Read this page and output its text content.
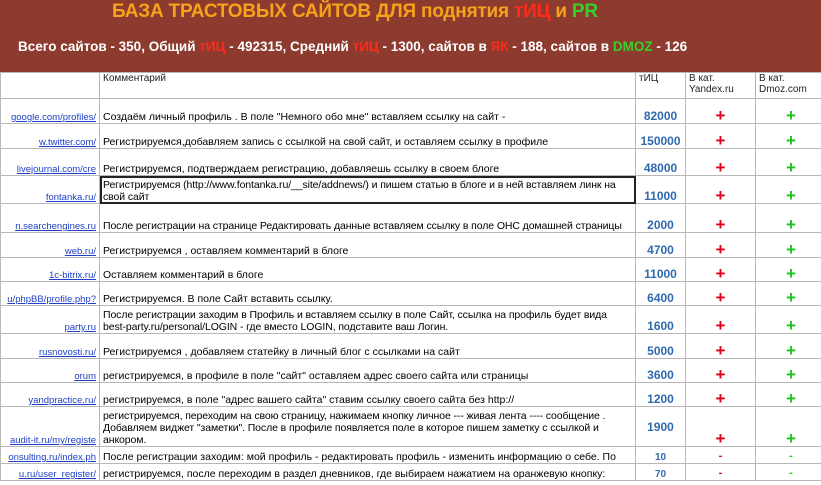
БАЗА ТРАСТОВЫХ САЙТОВ ДЛЯ поднятия тИЦ и PR
Всего сайтов - 350, Общий тИЦ - 492315, Средний тИЦ - 1300, сайтов в ЯК - 188, сайтов в DMOZ - 126
	Комментарий	тИЦ	В кат. Yandex.ru	В кат. Dmoz.com
google.com/profiles/	Создаём личный профиль . В поле "Немного обо мне" вставляем ссылку на сайт -	82000	+	+
w.twitter.com/	Регистрируемся,добавляем запись с ссылкой на свой сайт, и оставляем ссылку в профиле	150000	+	+
livejournal.com/cre	Регистрируемся, подтверждаем регистрацию, добавляешь ссылку в своем блоге	48000	+	+
fontanka.ru/	Регистрируемся (http://www.fontanka.ru/__site/addnews/) и пишем статью в блоге и в ней вставляем линк на свой сайт	11000	+	+
n.searchengines.ru	После регистрации на странице Редактировать данные вставляем ссылку в поле ОНС домашней страницы	2000	+	+
web.ru/	Регистрируемся , оставляем комментарий в блоге	4700	+	+
1c-bitrix.ru/	Оставляем комментарий в блоге	11000	+	+
u/phpBB/profile.php?	Регистрируемся. В поле Сайт вставить ссылку.	6400	+	+
party.ru	После регистрации заходим в Профиль и вставляем ссылку в поле Сайт, ссылка на профиль будет вида best-party.ru/personal/LOGIN - где вместо LOGIN, подставите ваш Логин.	1600	+	+
rusnovosti.ru/	Регистрируемся , добавляем статейку в личный блог с ссылками на сайт	5000	+	+
orum	регистрируемся, в профиле в поле "сайт" оставляем адрес своего сайта или страницы	3600	+	+
yandpractice.ru/	регистрируемся, в поле "адрес вашего сайта" ставим ссылку своего сайта без http://	1200	+	+
audit-it.ru/my/registe	регистрируемся, переходим на свою страницу, нажимаем кнопку личное --- живая лента ---- сообщение . Добавляем виджет "заметки". После в профиле появляется поле в которое пишем заметку с ссылкой и анкором.	1900	+	+
onsulting.ru/index.ph	После регистрации заходим: мой профиль - редактировать профиль - изменить информацию о себе. По	10	-	-
u.ru/user_register/	регистрируемся, после переходим в раздел дневников, где выбираем нажатием на оранжевую кнопку:	70	-	-
